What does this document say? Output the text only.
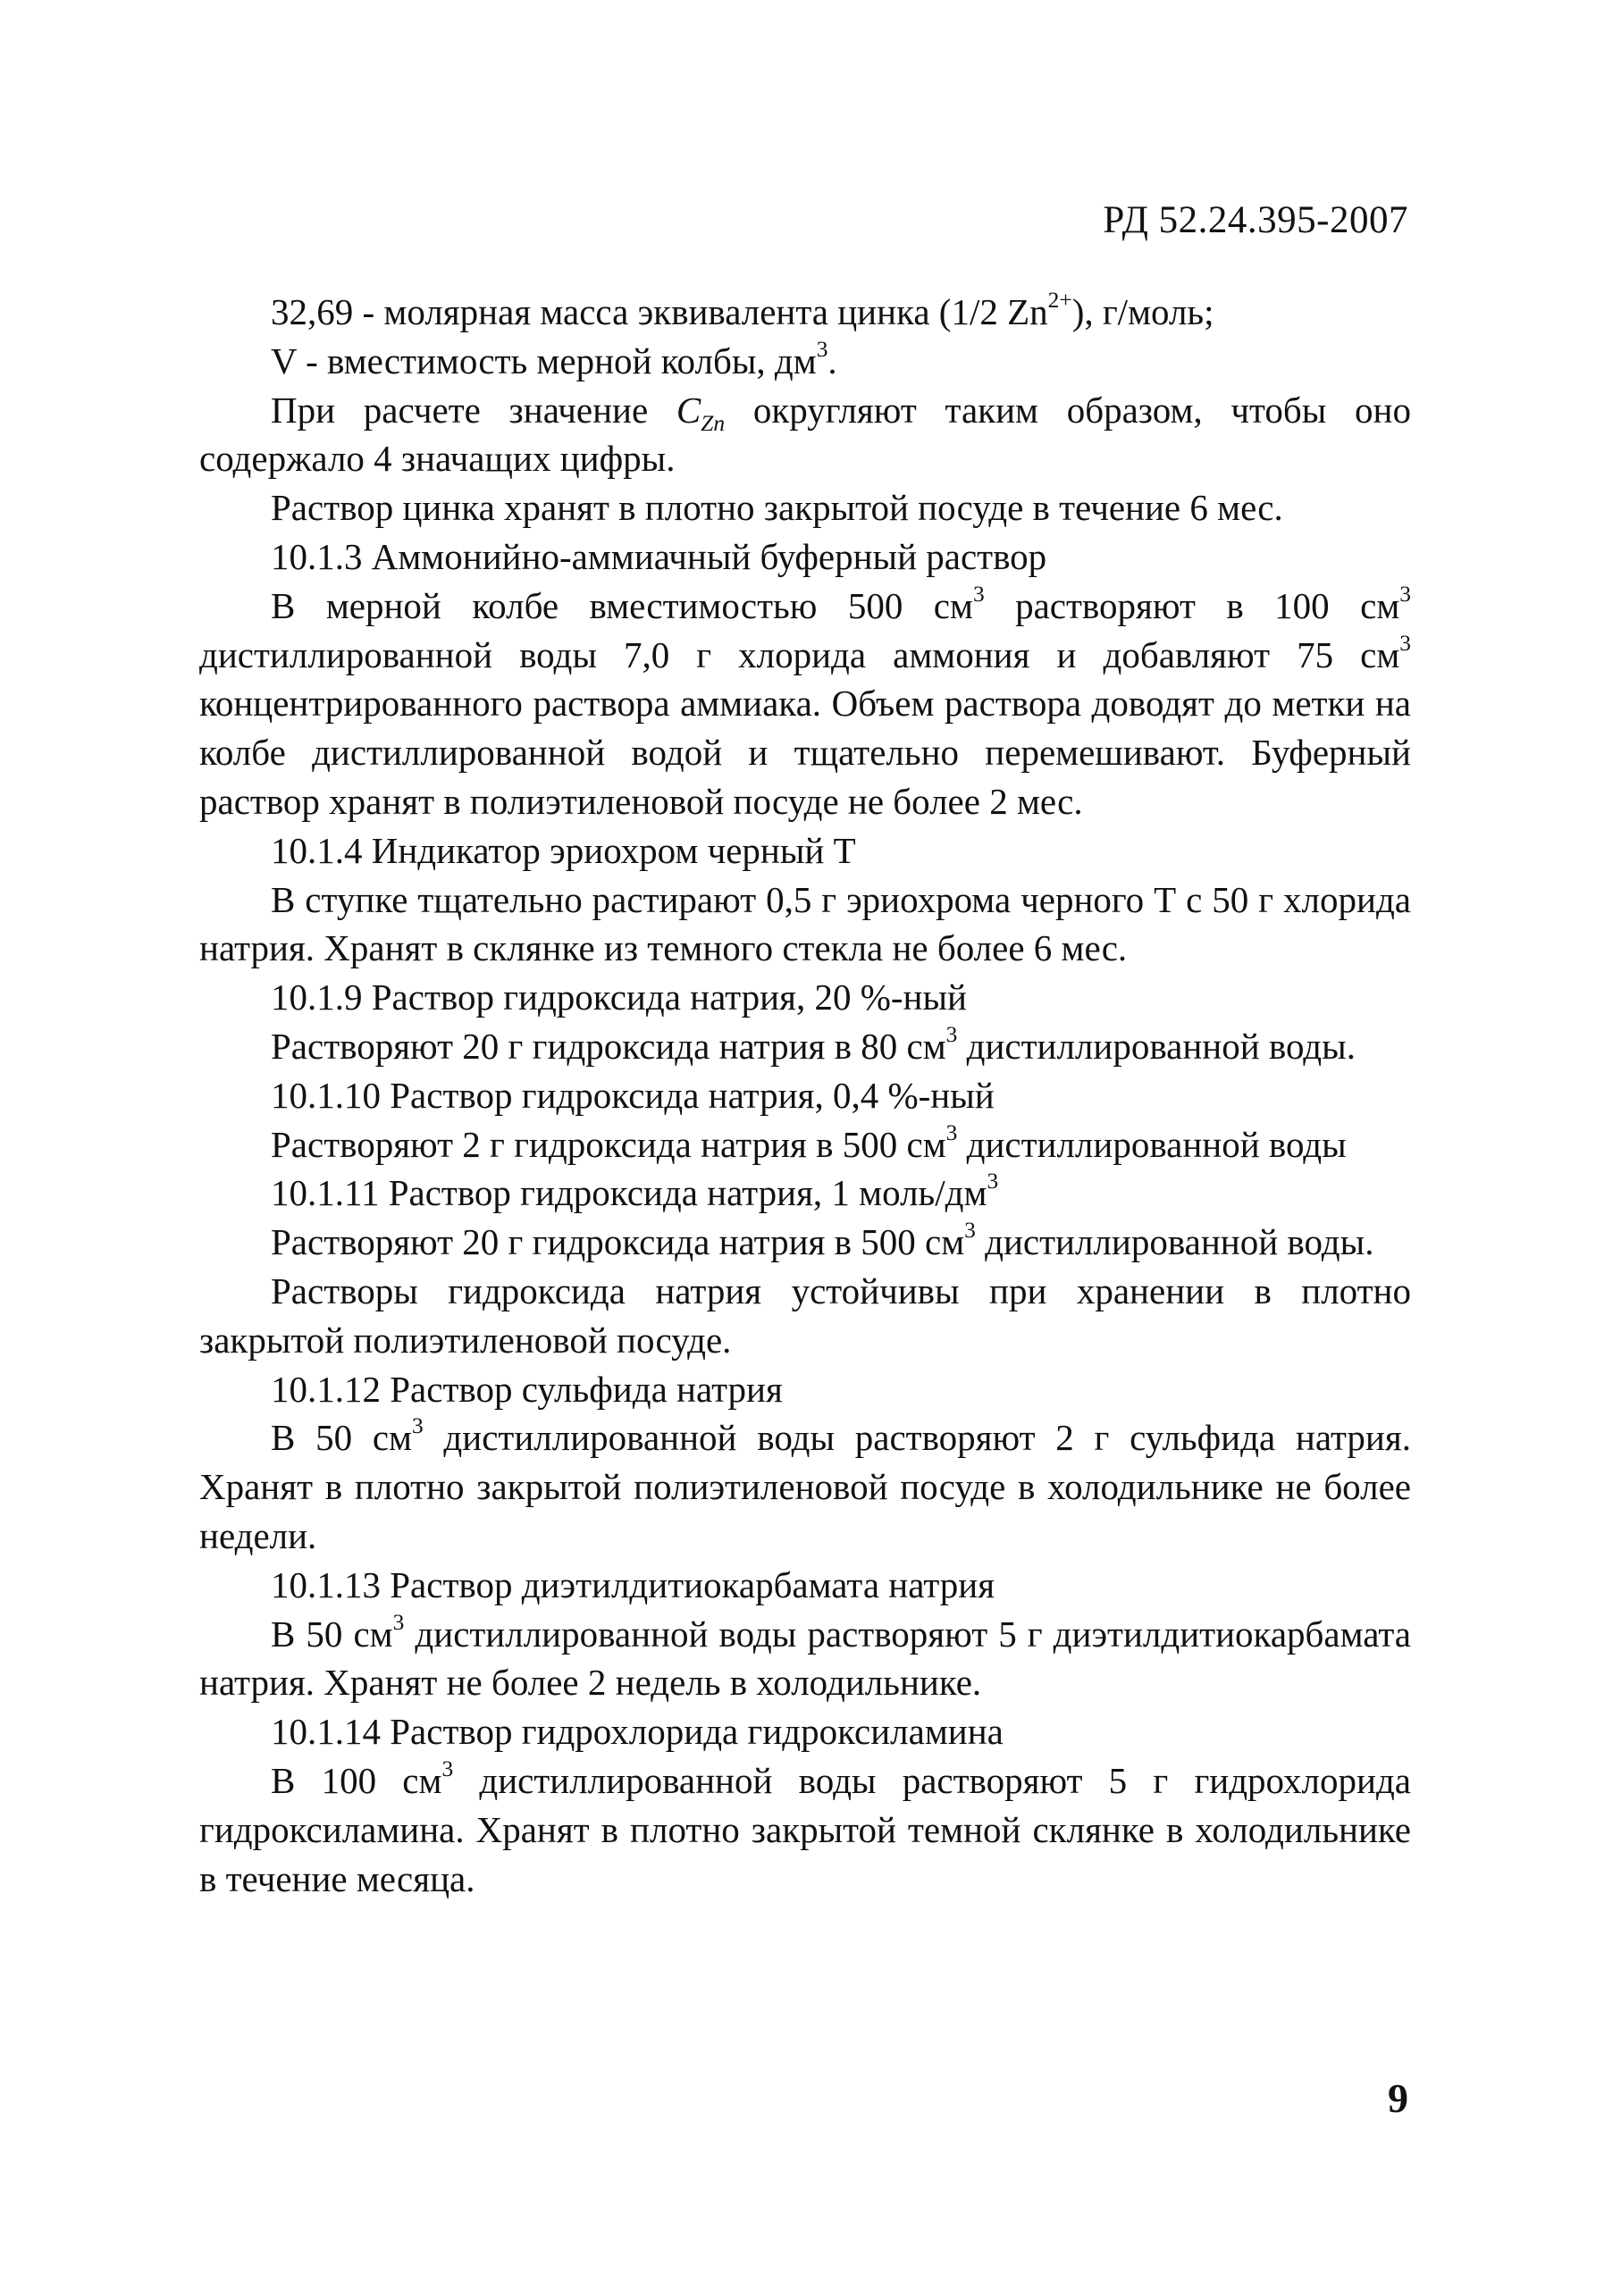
РД 52.24.395-2007

32,69 - молярная масса эквивалента цинка (1/2 $Zn^{2+}$), г/моль;

V - вместимость мерной колбы, $дм^3$.

При расчете значение $C_{Zn}$ округляют таким образом, чтобы оно содержало 4 значащих цифры.

Раствор цинка хранят в плотно закрытой посуде в течение 6 мес.

10.1.3 Аммонийно-аммиачный буферный раствор

В мерной колбе вместимостью 500 $см^3$ растворяют в 100 $см^3$ дистиллированной воды 7,0 г хлорида аммония и добавляют 75 $см^3$ концентрированного раствора аммиака. Объем раствора доводят до метки на колбе дистиллированной водой и тщательно перемешивают. Буферный раствор хранят в полиэтиленовой посуде не более 2 мес.

10.1.4 Индикатор эриохром черный Т

В ступке тщательно растирают 0,5 г эриохрома черного Т с 50 г хлорида натрия. Хранят в склянке из темного стекла не более 6 мес.

10.1.9 Раствор гидроксида натрия, 20 %-ный

Растворяют 20 г гидроксида натрия в 80 $см^3$ дистиллированной воды.

10.1.10 Раствор гидроксида натрия, 0,4 %-ный

Растворяют 2 г гидроксида натрия в 500 $см^3$ дистиллированной воды

10.1.11 Раствор гидроксида натрия, 1 моль/$дм^3$

Растворяют 20 г гидроксида натрия в 500 $см^3$ дистиллированной воды.

Растворы гидроксида натрия устойчивы при хранении в плотно закрытой полиэтиленовой посуде.

10.1.12 Раствор сульфида натрия

В 50 $см^3$ дистиллированной воды растворяют 2 г сульфида натрия. Хранят в плотно закрытой полиэтиленовой посуде в холодильнике не более недели.

10.1.13 Раствор диэтилдитиокарбамата натрия

В 50 $см^3$ дистиллированной воды растворяют 5 г диэтилдитиокарбамата натрия. Хранят не более 2 недель в холодильнике.

10.1.14 Раствор гидрохлорида гидроксиламина

В 100 $см^3$ дистиллированной воды растворяют 5 г гидрохлорида гидроксиламина. Хранят в плотно закрытой темной склянке в холодильнике в течение месяца.

9
